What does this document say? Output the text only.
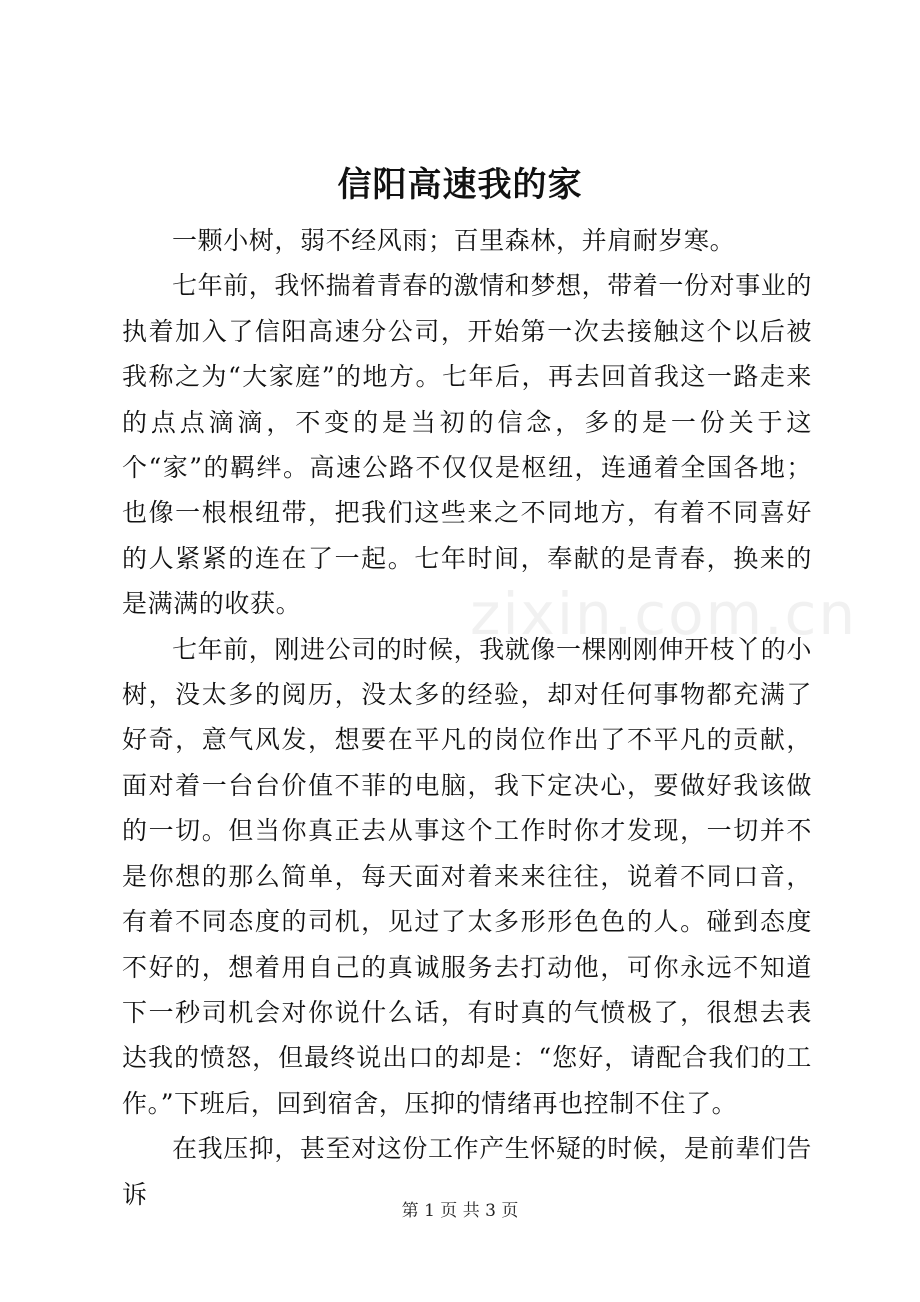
zixin.com.cn
信阳高速我的家

一颗小树，弱不经风雨；百里森林，并肩耐岁寒。

七年前，我怀揣着青春的激情和梦想，带着一份对事业的执着加入了信阳高速分公司，开始第一次去接触这个以后被我称之为“大家庭”的地方。七年后，再去回首我这一路走来的点点滴滴，不变的是当初的信念，多的是一份关于这个“家”的羁绊。高速公路不仅仅是枢纽，连通着全国各地；也像一根根纽带，把我们这些来之不同地方，有着不同喜好的人紧紧的连在了一起。七年时间，奉献的是青春，换来的是满满的收获。

七年前，刚进公司的时候，我就像一棵刚刚伸开枝丫的小树，没太多的阅历，没太多的经验，却对任何事物都充满了好奇，意气风发，想要在平凡的岗位作出了不平凡的贡献，面对着一台台价值不菲的电脑，我下定决心，要做好我该做的一切。但当你真正去从事这个工作时你才发现，一切并不是你想的那么简单，每天面对着来来往往，说着不同口音，有着不同态度的司机，见过了太多形形色色的人。碰到态度不好的，想着用自己的真诚服务去打动他，可你永远不知道下一秒司机会对你说什么话，有时真的气愤极了，很想去表达我的愤怒，但最终说出口的却是：“您好，请配合我们的工作。”下班后，回到宿舍，压抑的情绪再也控制不住了。

在我压抑，甚至对这份工作产生怀疑的时候，是前辈们告诉

第 1 页 共 3 页
